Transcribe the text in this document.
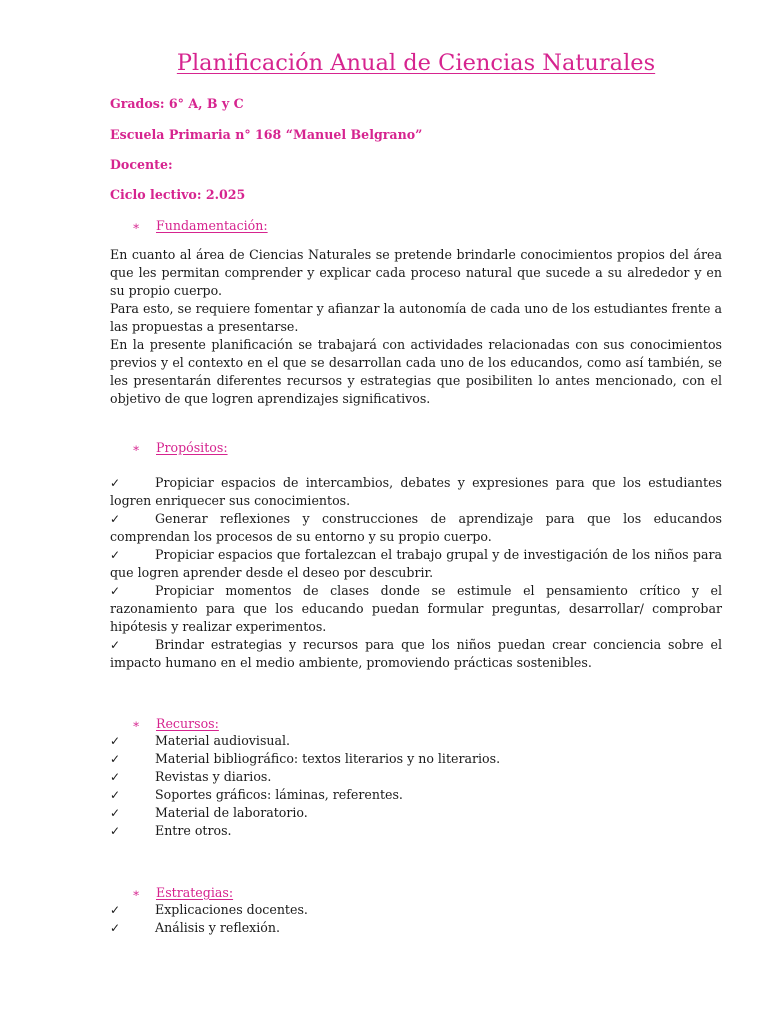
Planificación Anual de Ciencias Naturales
Grados: 6° A, B y C
Escuela Primaria n° 168 “Manuel Belgrano”
Docente:
Ciclo lectivo: 2.025
∗ Fundamentación:

En cuanto al área de Ciencias Naturales se pretende brindarle conocimientos propios del área que les permitan comprender y explicar cada proceso natural que sucede a su alrededor y en su propio cuerpo.

Para esto, se requiere fomentar y afianzar la autonomía de cada uno de los estudiantes frente a las propuestas a presentarse.

En la presente planificación se trabajará con actividades relacionadas con sus conocimientos previos y el contexto en el que se desarrollan cada uno de los educandos, como así también, se les presentarán diferentes recursos y estrategias que posibiliten lo antes mencionado, con el objetivo de que logren aprendizajes significativos.

∗ Propósitos:
✓	Propiciar espacios de intercambios, debates y expresiones para que los estudiantes logren enriquecer sus conocimientos.
✓	Generar reflexiones y construcciones de aprendizaje para que los educandos comprendan los procesos de su entorno y su propio cuerpo.
✓	Propiciar espacios que fortalezcan el trabajo grupal y de investigación de los niños para que logren aprender desde el deseo por descubrir.
✓	Propiciar momentos de clases donde se estimule el pensamiento crítico y el razonamiento para que los educando puedan formular preguntas, desarrollar/ comprobar hipótesis y realizar experimentos.
✓	Brindar estrategias y recursos para que los niños puedan crear conciencia sobre el impacto humano en el medio ambiente, promoviendo prácticas sostenibles.
∗ Recursos:
✓	Material audiovisual.
✓	Material bibliográfico: textos literarios y no literarios.
✓	Revistas y diarios.
✓	Soportes gráficos: láminas, referentes.
✓	Material de laboratorio.
✓	Entre otros.
∗ Estrategias:
✓	Explicaciones docentes.
✓	Análisis y reflexión.
